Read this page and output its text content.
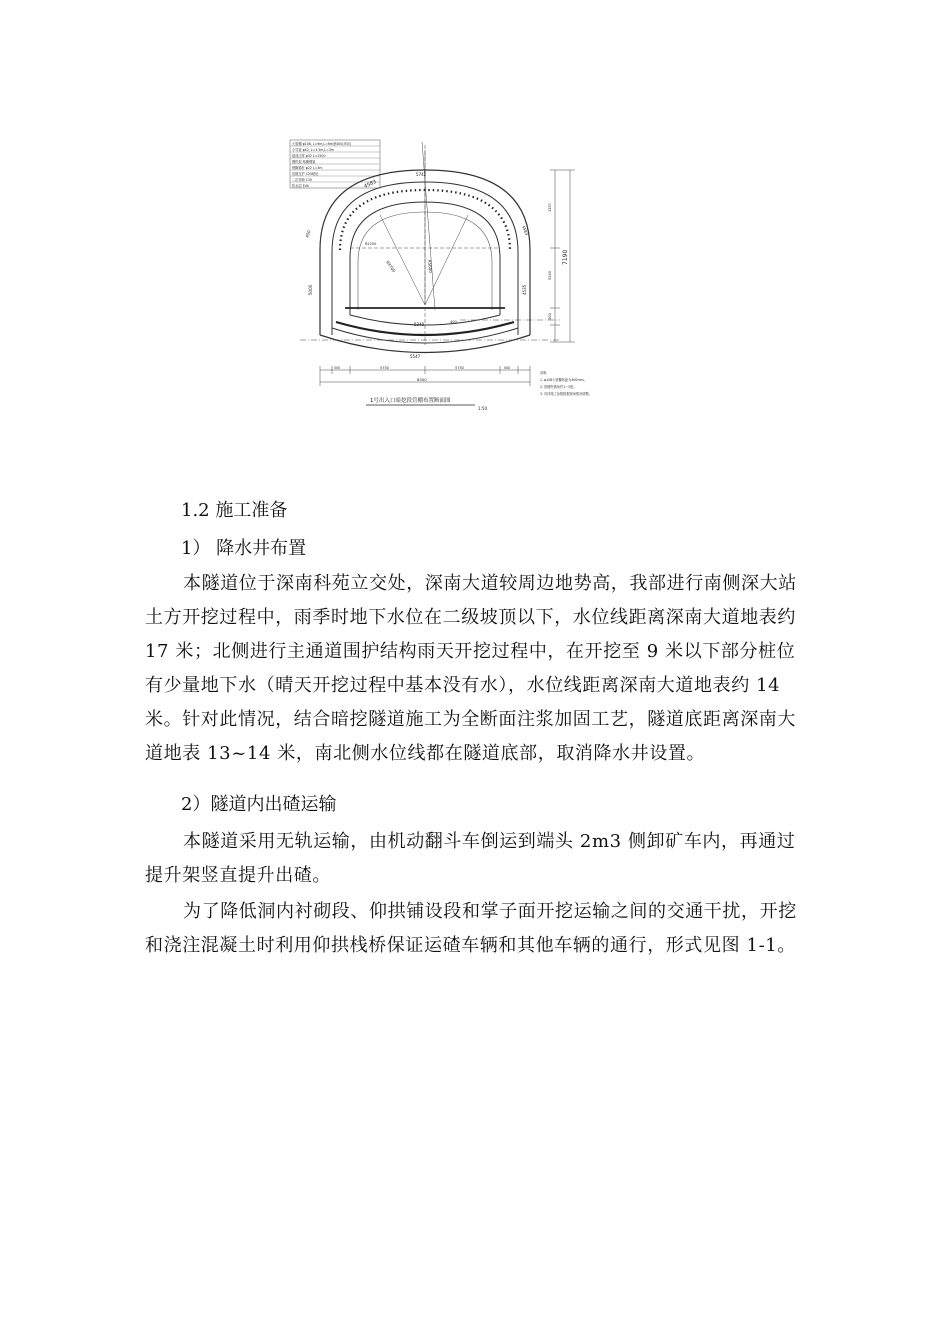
大管棚 φ108, L=9m,L=6m@400(环向)
小导管 φ42, L=3.5m,L=3m
超前注浆 φ32 L=2500
钢拱架 格栅钢架
锁脚锚杆 φ22 L=3m
初期支护 C25喷砼
二次衬砌 C30
防水层 EVA
R4700	R5600
R2250
5742
4583
450	4583
5000	4535
5240
5547
400
1357
5240
300
7190
500	5750	5750	500
8300
说明:
1. φ108大管棚环距为400mm。
2. 管棚外插角约1~3度。
3. 具体施工参数根据现场情况调整。
1号出入口暗挖段管棚布置断面图
1:50
1.2 施工准备
1） 降水井布置
本隧道位于深南科苑立交处，深南大道较周边地势高，我部进行南侧深大站土方开挖过程中，雨季时地下水位在二级坡顶以下，水位线距离深南大道地表约 17 米；北侧进行主通道围护结构雨天开挖过程中，在开挖至 9 米以下部分桩位有少量地下水（晴天开挖过程中基本没有水），水位线距离深南大道地表约 14 米。针对此情况，结合暗挖隧道施工为全断面注浆加固工艺，隧道底距离深南大道地表 13~14 米，南北侧水位线都在隧道底部，取消降水井设置。
2）隧道内出碴运输
本隧道采用无轨运输，由机动翻斗车倒运到端头 2m3 侧卸矿车内，再通过提升架竖直提升出碴。
为了降低洞内衬砌段、仰拱铺设段和掌子面开挖运输之间的交通干扰，开挖和浇注混凝土时利用仰拱栈桥保证运碴车辆和其他车辆的通行，形式见图 1-1。
